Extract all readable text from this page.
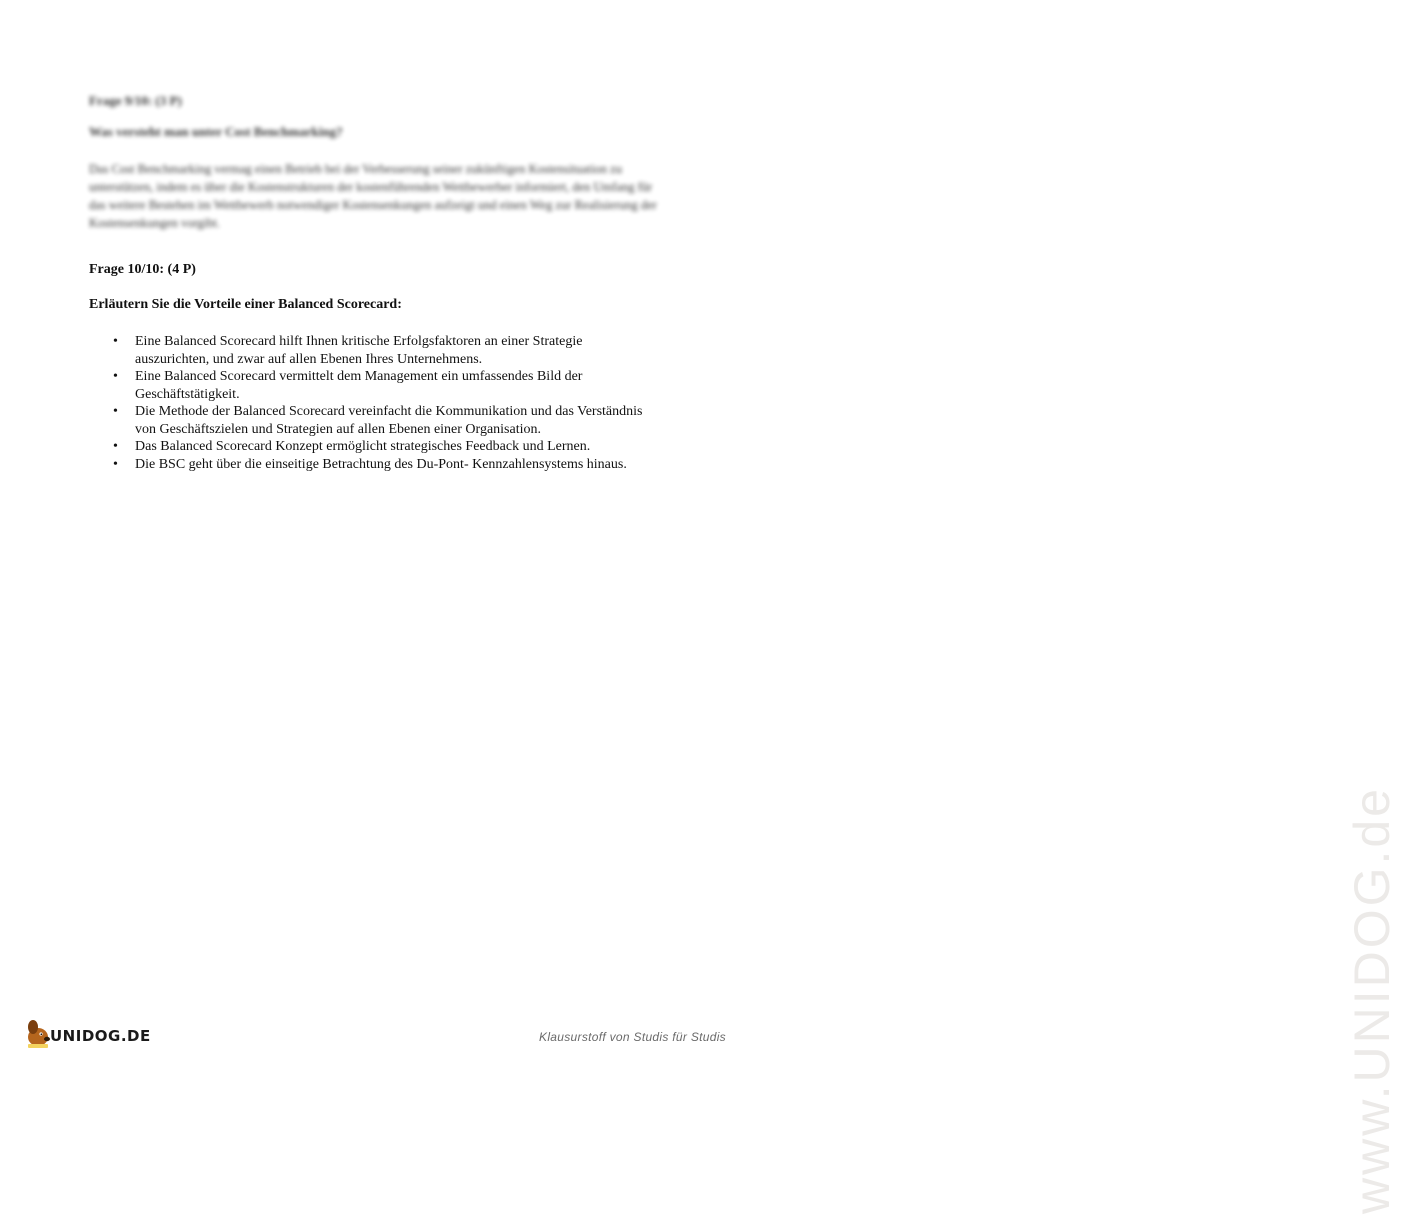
Frage 9/10: (3 P)
Was versteht man unter Cost Benchmarking?
Das Cost Benchmarking vermag einen Betrieb bei der Verbesserung seiner zukünftigen Kostensituation zu unterstützen, indem es über die Kostenstrukturen der kostenführenden Wettbewerber informiert, den Umfang für das weitere Bestehen im Wettbewerb notwendiger Kostensenkungen aufzeigt und einen Weg zur Realisierung der Kostensenkungen vorgibt.
Frage 10/10: (4 P)
Erläutern Sie die Vorteile einer Balanced Scorecard:
• Eine Balanced Scorecard hilft Ihnen kritische Erfolgsfaktoren an einer Strategie auszurichten, und zwar auf allen Ebenen Ihres Unternehmens.
• Eine Balanced Scorecard vermittelt dem Management ein umfassendes Bild der Geschäftstätigkeit.
• Die Methode der Balanced Scorecard vereinfacht die Kommunikation und das Verständnis von Geschäftszielen und Strategien auf allen Ebenen einer Organisation.
• Das Balanced Scorecard Konzept ermöglicht strategisches Feedback und Lernen.
• Die BSC geht über die einseitige Betrachtung des Du-Pont- Kennzahlensystems hinaus.
www.UNIDOG.de
UNIDOG.DE	Klausurstoff von Studis für Studis
